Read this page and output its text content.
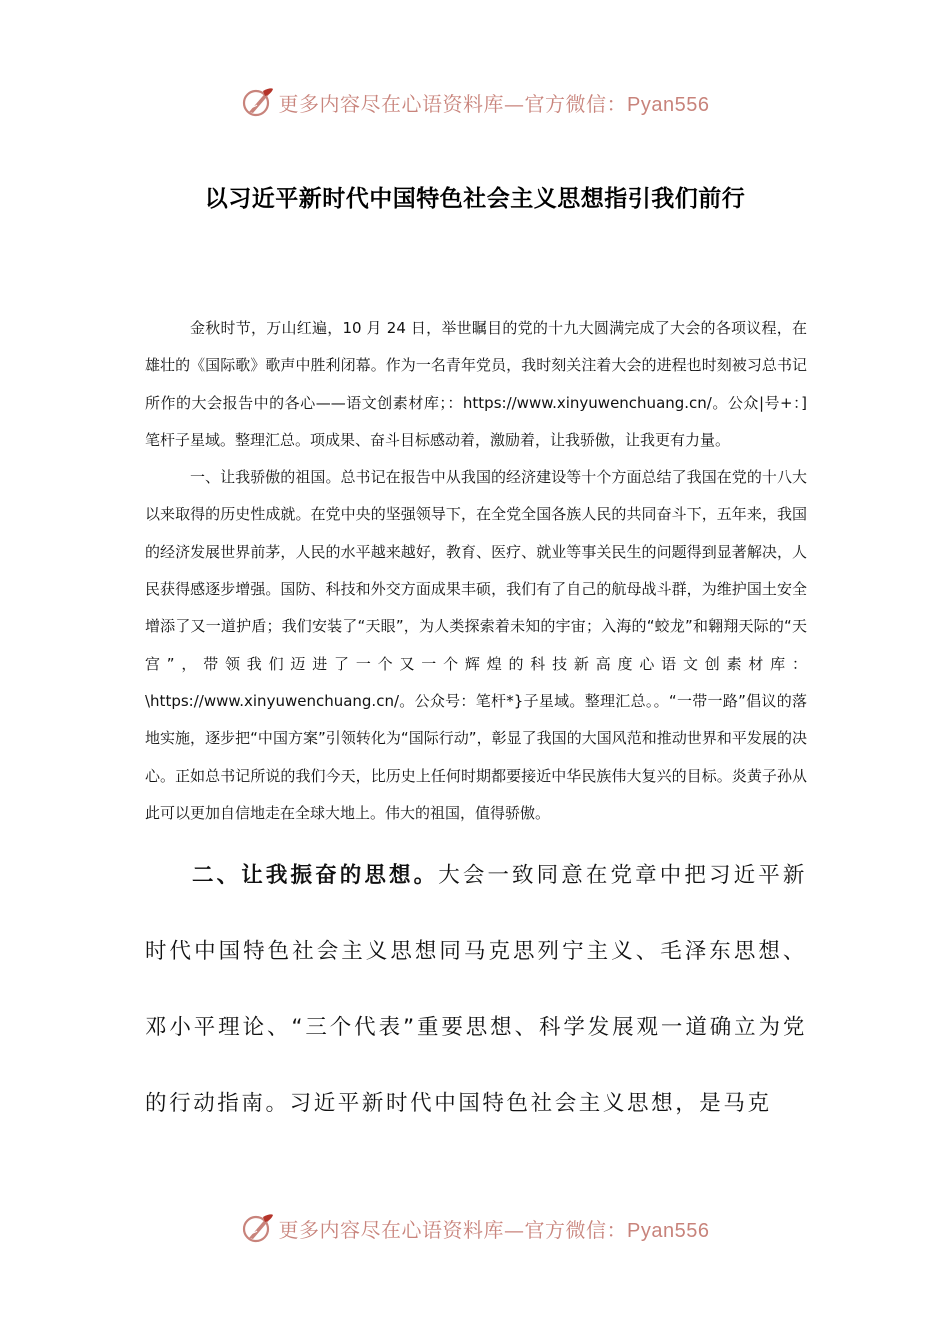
更多内容尽在心语资料库—官方微信：Pyan556
以习近平新时代中国特色社会主义思想指引我们前行

金秋时节，万山红遍，10 月 24 日，举世瞩目的党的十九大圆满完成了大会的各项议程，在雄壮的《国际歌》歌声中胜利闭幕。作为一名青年党员，我时刻关注着大会的进程也时刻被习总书记所作的大会报告中的各心——语文创素材库；：https://www.xinyuwenchuang.cn/。公众|号+：]笔杆子星域。整理汇总。项成果、奋斗目标感动着，激励着，让我骄傲，让我更有力量。

一、让我骄傲的祖国。总书记在报告中从我国的经济建设等十个方面总结了我国在党的十八大以来取得的历史性成就。在党中央的坚强领导下，在全党全国各族人民的共同奋斗下，五年来，我国的经济发展世界前茅，人民的水平越来越好，教育、医疗、就业等事关民生的问题得到显著解决，人民获得感逐步增强。国防、科技和外交方面成果丰硕，我们有了自己的航母战斗群，为维护国土安全增添了又一道护盾；我们安装了“天眼”，为人类探索着未知的宇宙；入海的“蛟龙”和翱翔天际的“天宫”，带领我们迈进了一个又一个辉煌的科技新高度心语文创素材库：\https://www.xinyuwenchuang.cn/。公众号：笔杆*}子星域。整理汇总。。“一带一路”倡议的落地实施，逐步把“中国方案”引领转化为“国际行动”，彰显了我国的大国风范和推动世界和平发展的决心。正如总书记所说的我们今天，比历史上任何时期都要接近中华民族伟大复兴的目标。炎黄子孙从此可以更加自信地走在全球大地上。伟大的祖国，值得骄傲。

二、让我振奋的思想。大会一致同意在党章中把习近平新时代中国特色社会主义思想同马克思列宁主义、毛泽东思想、邓小平理论、“三个代表”重要思想、科学发展观一道确立为党的行动指南。习近平新时代中国特色社会主义思想，是马克

更多内容尽在心语资料库—官方微信：Pyan556
